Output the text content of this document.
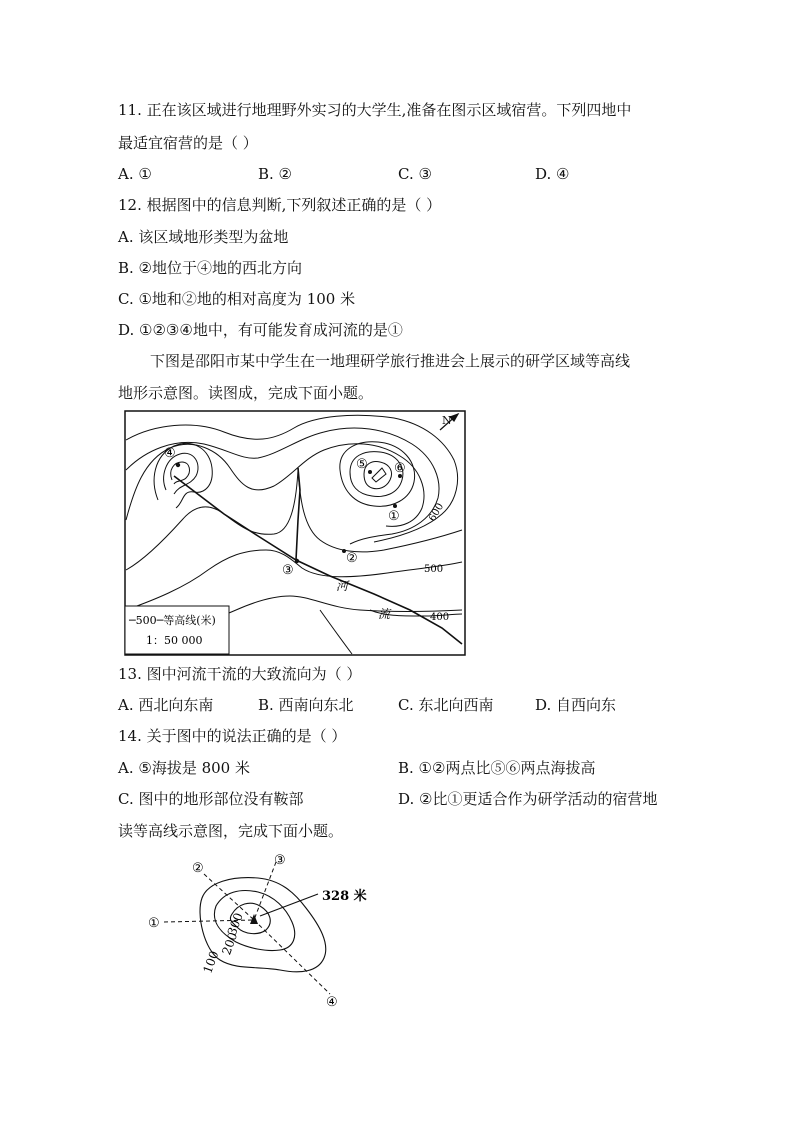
11. 正在该区域进行地理野外实习的大学生,准备在图示区域宿营。下列四地中
最适宜宿营的是（ ）
A. ①	B. ②	C. ③	D. ④
12. 根据图中的信息判断,下列叙述正确的是（ ）
A. 该区域地形类型为盆地
B. ②地位于④地的西北方向
C. ①地和②地的相对高度为 100 米
D. ①②③④地中，有可能发育成河流的是①
下图是邵阳市某中学生在一地理研学旅行推进会上展示的研学区域等高线
地形示意图。读图成，完成下面小题。
N
④
⑤ ⑥
①
②
③
600
500
400
河
流
─500─等高线(米)
1：50 000
13. 图中河流干流的大致流向为（ ）
A. 西北向东南	B. 西南向东北	C. 东北向西南	D. 自西向东
14. 关于图中的说法正确的是（ ）
A. ⑤海拔是 800 米	B. ①②两点比⑤⑥两点海拔高
C. 图中的地形部位没有鞍部	D. ②比①更适合作为研学活动的宿营地
读等高线示意图，完成下面小题。
328 米
①
②
③
④
300
200
100
